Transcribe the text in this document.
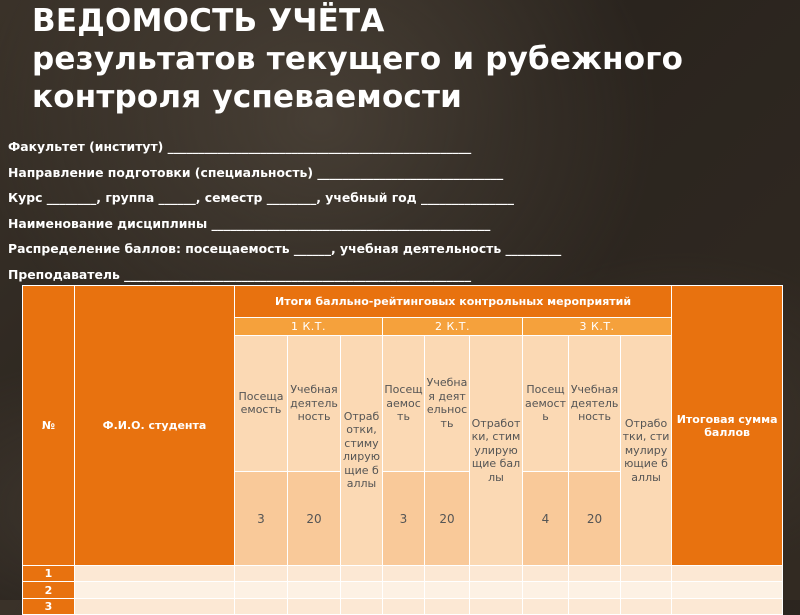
ВЕДОМОСТЬ УЧЁТА
результатов текущего и рубежного
контроля успеваемости
Факультет (институт) _________________________________________________
Направление подготовки (специальность) ______________________________
Курс ________, группа ______, семестр ________, учебный год _______________
Наименование дисциплины _____________________________________________
Распределение баллов: посещаемость ______, учебная деятельность _________
Преподаватель ________________________________________________________
№	Ф.И.О. студента	Итоги балльно-рейтинговых контрольных мероприятий									Итоговая сумма баллов
		1 К.Т.			2 К.Т.			3 К.Т.			
		Посещаемость	Учебная деятельность	Отработки, стимулирующие баллы	Посещаемость	Учебная деятельность	Отработки, стимулирующие баллы	Посещаемость	Учебная деятельность	Отработки, стимулирующие баллы	
		3	20		3	20		4	20		
1											
2											
3											
